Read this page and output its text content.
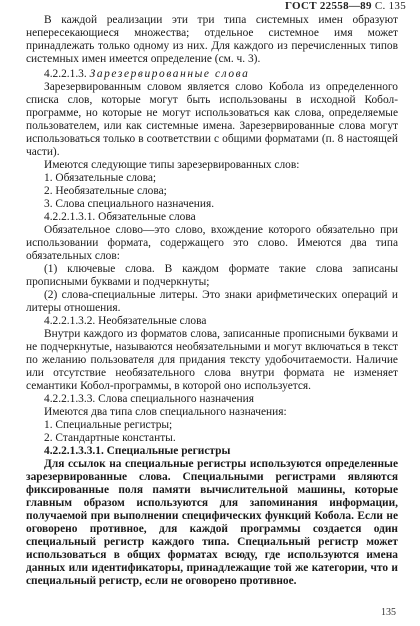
ГОСТ 22558—89 С. 135

В каждой реализации эти три типа системных имен образуют непересекающиеся множества; отдельное системное имя может принадлежать только одному из них. Для каждого из перечисленных типов системных имен имеется определение (см. ч. 3).

4.2.2.1.3. Зарезервированные слова

Зарезервированным словом является слово Кобола из определенного списка слов, которые могут быть использованы в исходной Кобол-программе, но которые не могут использоваться как слова, определяемые пользователем, или как системные имена. Зарезервированные слова могут использоваться только в соответствии с общими форматами (п. 8 настоящей части).

Имеются следующие типы зарезервированных слов:

1. Обязательные слова;

2. Необязательные слова;

3. Слова специального назначения.

4.2.2.1.3.1. Обязательные слова

Обязательное слово—это слово, вхождение которого обязательно при использовании формата, содержащего это слово. Имеются два типа обязательных слов:

(1) ключевые слова. В каждом формате такие слова записаны прописными буквами и подчеркнуты;

(2) слова-специальные литеры. Это знаки арифметических операций и литеры отношения.

4.2.2.1.3.2. Необязательные слова

Внутри каждого из форматов слова, записанные прописными буквами и не подчеркнутые, называются необязательными и могут включаться в текст по желанию пользователя для придания тексту удобочитаемости. Наличие или отсутствие необязательного слова внутри формата не изменяет семантики Кобол-программы, в которой оно используется.

4.2.2.1.3.3. Слова специального назначения

Имеются два типа слов специального назначения:

1. Специальные регистры;

2. Стандартные константы.

4.2.2.1.3.3.1. Специальные регистры

Для ссылок на специальные регистры используются определенные зарезервированные слова. Специальными регистрами являются фиксированные поля памяти вычислительной машины, которые главным образом используются для запоминания информации, получаемой при выполнении специфических функций Кобола. Если не оговорено противное, для каждой программы создается один специальный регистр каждого типа. Специальный регистр может использоваться в общих форматах всюду, где используются имена данных или идентификаторы, принадлежащие той же категории, что и специальный регистр, если не оговорено противное.

135
